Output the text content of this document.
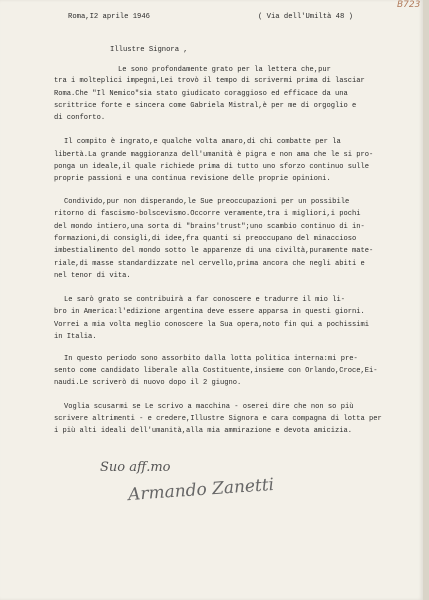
B723
Roma,I2 aprile 1946	( Via dell'Umiltà 48 )
Illustre Signora ,
Le sono profondamente grato per la lettera che,pur
tra i molteplici impegni,Lei trovò il tempo di scrivermi prima di lasciar
Roma.Che "Il Nemico"sia stato giudicato coraggioso ed efficace da una
scrittrice forte e sincera come Gabriela Mistral,è per me di orgoglio e
di conforto.
Il compito è ingrato,e qualche volta amaro,di chi combatte per la
libertà.La grande maggioranza dell'umanità è pigra e non ama che le si pro-
ponga un ideale,il quale richiede prima di tutto uno sforzo continuo sulle
proprie passioni e una continua revisione delle proprie opinioni.
Condivido,pur non disperando,le Sue preoccupazioni per un possibile
ritorno di fascismo-bolscevismo.Occorre veramente,tra i migliori,i pochi
del mondo intiero,una sorta di "brains'trust";uno scambio continuo di in-
formazioni,di consigli,di idee,fra quanti si preoccupano del minaccioso
imbestialimento del mondo sotto le apparenze di una civiltà,puramente mate-
riale,di masse standardizzate nel cervello,prima ancora che negli abiti e
nel tenor di vita.
Le sarò grato se contribuirà a far conoscere e tradurre il mio li-
bro in America:l'edizione argentina deve essere apparsa in questi giorni.
Vorrei a mia volta meglio conoscere la Sua opera,noto fin qui a pochissimi
in Italia.
In questo periodo sono assorbito dalla lotta politica interna:mi pre-
sento come candidato liberale alla Costituente,insieme con Orlando,Croce,Ei-
naudi.Le scriverò di nuovo dopo il 2 giugno.
Voglia scusarmi se Le scrivo a macchina - oserei dire che non so più
scrivere altrimenti - e credere,Illustre Signora e cara compagna di lotta per
i più alti ideali dell'umanità,alla mia ammirazione e devota amicizia.
Suo aff.mo
Armando Zanetti
